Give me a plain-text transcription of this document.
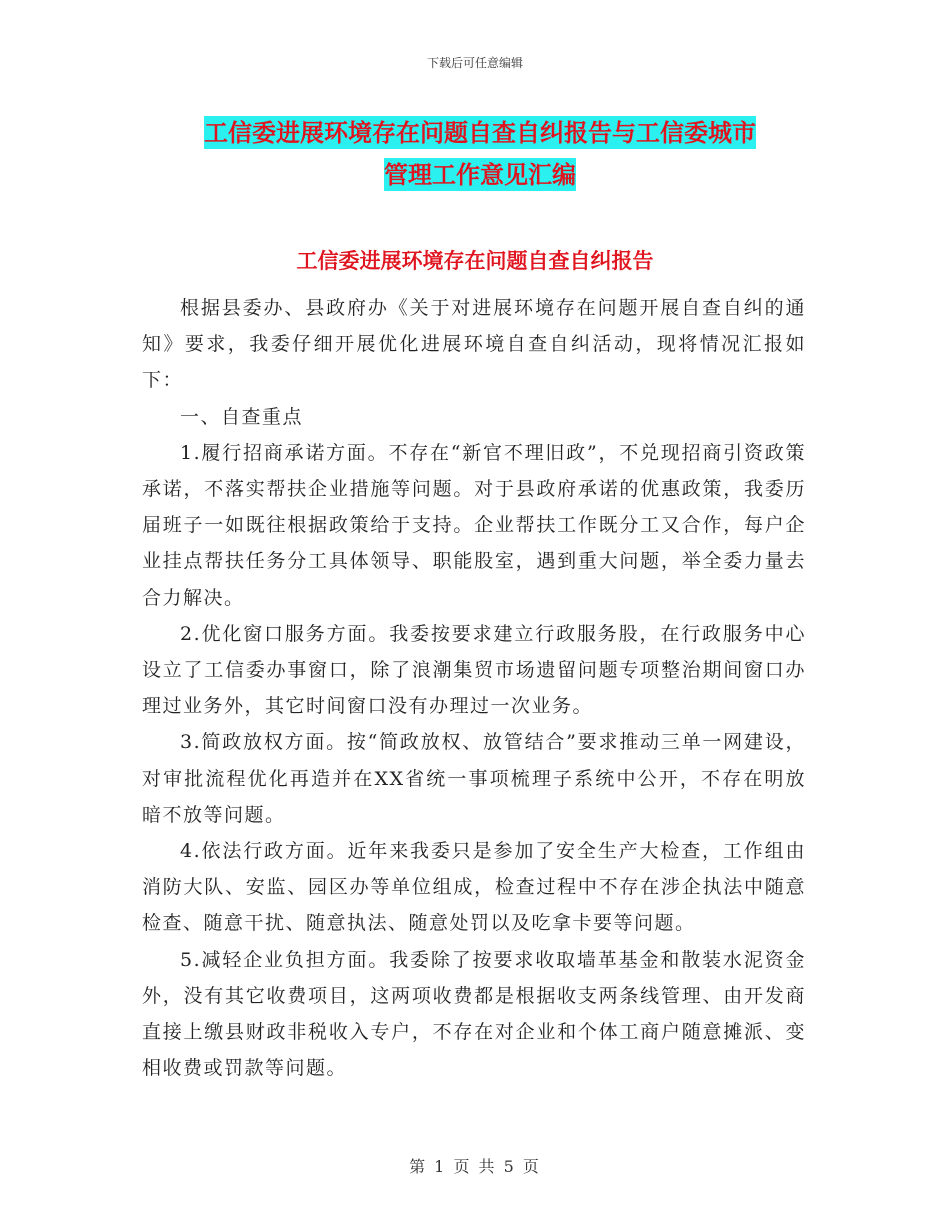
下载后可任意编辑
工信委进展环境存在问题自查自纠报告与工信委城市
管理工作意见汇编
工信委进展环境存在问题自查自纠报告

根据县委办、县政府办《关于对进展环境存在问题开展自查自纠的通知》要求，我委仔细开展优化进展环境自查自纠活动，现将情况汇报如下：

一、自查重点

1.履行招商承诺方面。不存在“新官不理旧政”，不兑现招商引资政策承诺，不落实帮扶企业措施等问题。对于县政府承诺的优惠政策，我委历届班子一如既往根据政策给于支持。企业帮扶工作既分工又合作，每户企业挂点帮扶任务分工具体领导、职能股室，遇到重大问题，举全委力量去合力解决。

2.优化窗口服务方面。我委按要求建立行政服务股，在行政服务中心设立了工信委办事窗口，除了浪潮集贸市场遗留问题专项整治期间窗口办理过业务外，其它时间窗口没有办理过一次业务。

3.简政放权方面。按“简政放权、放管结合”要求推动三单一网建设，对审批流程优化再造并在XX省统一事项梳理子系统中公开，不存在明放暗不放等问题。

4.依法行政方面。近年来我委只是参加了安全生产大检查，工作组由消防大队、安监、园区办等单位组成，检查过程中不存在涉企执法中随意检查、随意干扰、随意执法、随意处罚以及吃拿卡要等问题。

5.减轻企业负担方面。我委除了按要求收取墙革基金和散装水泥资金外，没有其它收费项目，这两项收费都是根据收支两条线管理、由开发商直接上缴县财政非税收入专户，不存在对企业和个体工商户随意摊派、变相收费或罚款等问题。

第 1 页 共 5 页
